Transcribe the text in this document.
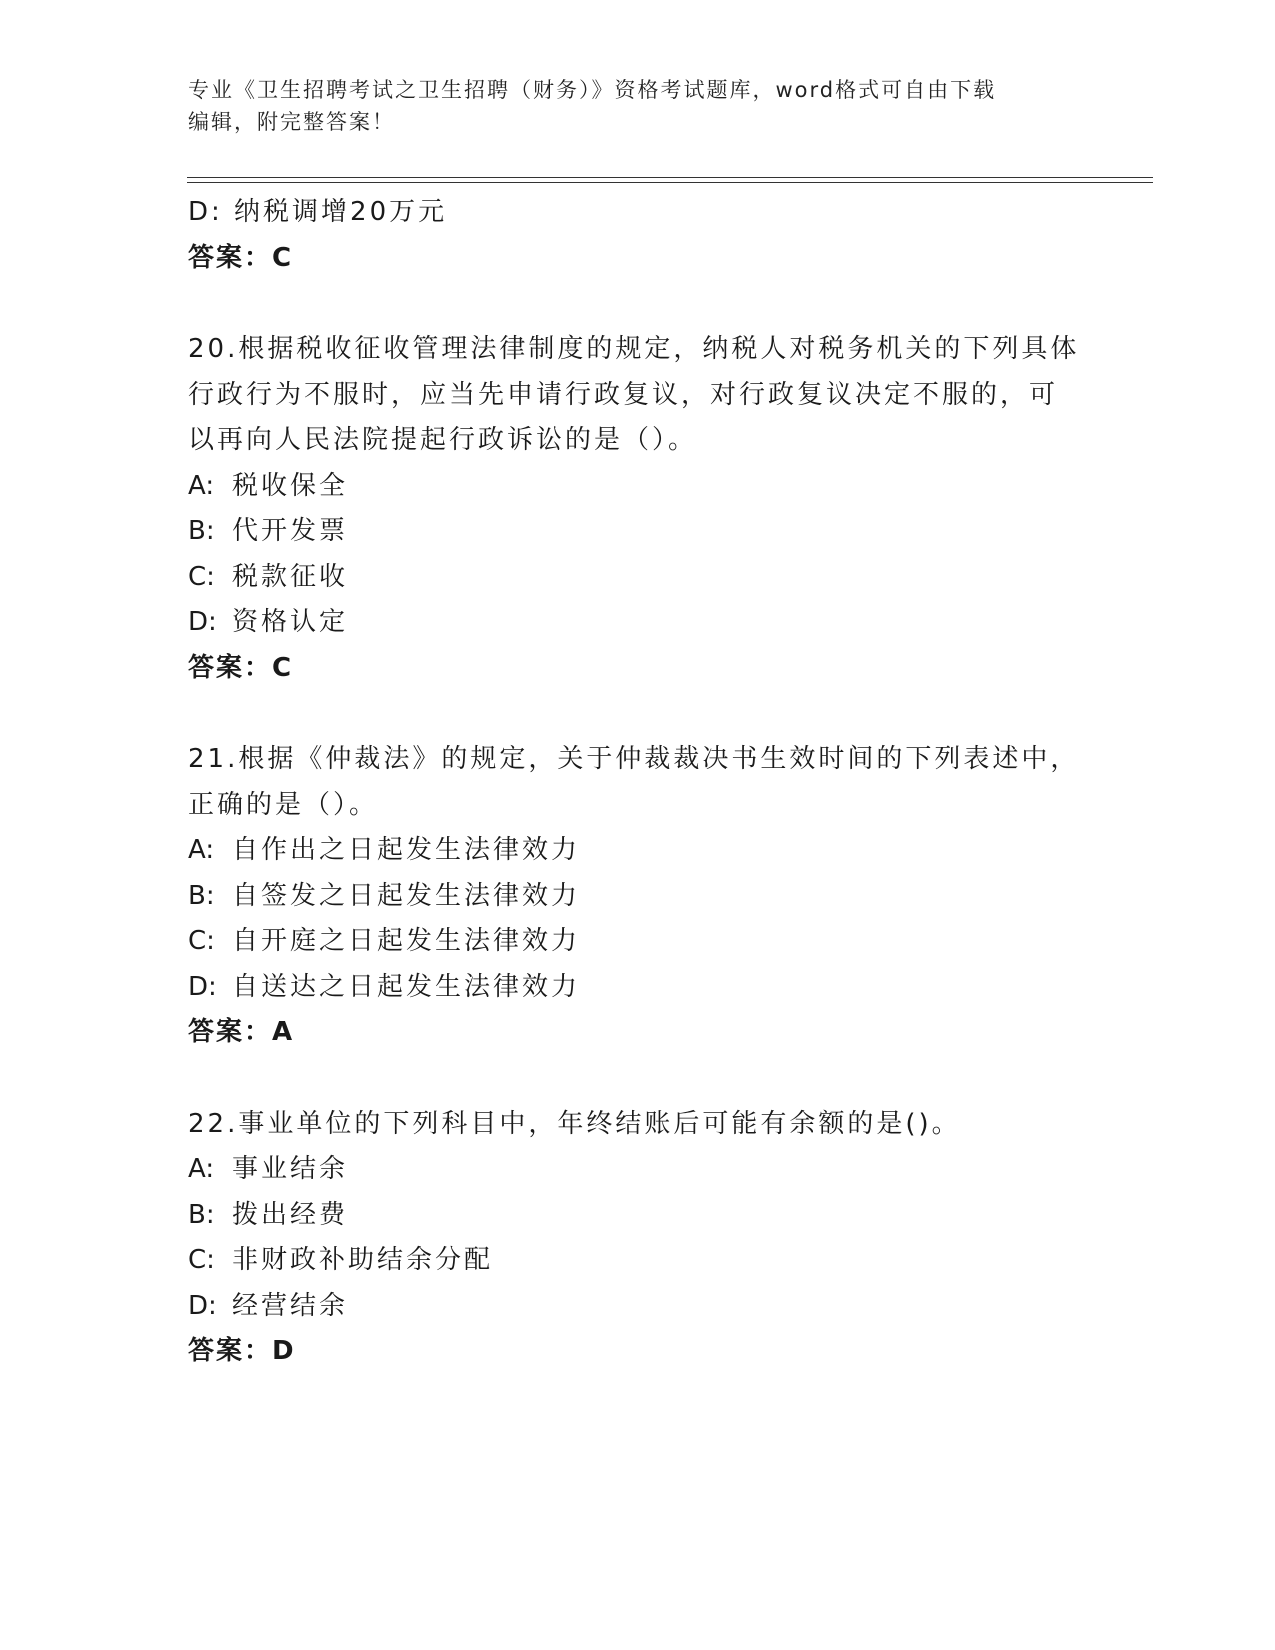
专业《卫生招聘考试之卫生招聘（财务）》资格考试题库，word格式可自由下载
编辑，附完整答案！
D: 纳税调增20万元
答案：C
20.根据税收征收管理法律制度的规定，纳税人对税务机关的下列具体
行政行为不服时，应当先申请行政复议，对行政复议决定不服的，可
以再向人民法院提起行政诉讼的是（）。
A: 税收保全
B: 代开发票
C: 税款征收
D: 资格认定
答案：C
21.根据《仲裁法》的规定，关于仲裁裁决书生效时间的下列表述中，
正确的是（）。
A: 自作出之日起发生法律效力
B: 自签发之日起发生法律效力
C: 自开庭之日起发生法律效力
D: 自送达之日起发生法律效力
答案：A
22.事业单位的下列科目中，年终结账后可能有余额的是()。
A: 事业结余
B: 拨出经费
C: 非财政补助结余分配
D: 经营结余
答案：D
